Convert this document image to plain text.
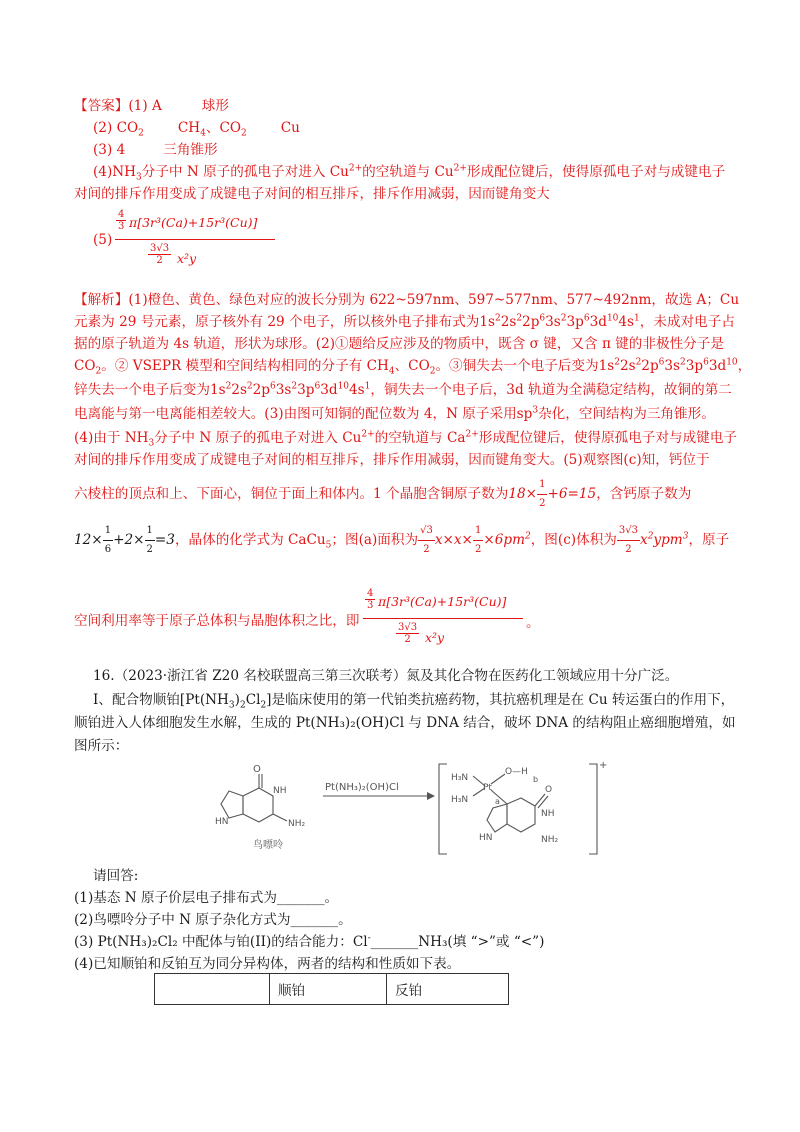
【答案】(1) A	球形
(2) $CO_2$	$CH_4$、$CO_2$	Cu
(3) 4	三角锥形
$(4)NH_3$分子中 N 原子的孤电子对进入 $Cu^{2+}$的空轨道与 $Cu^{2+}$形成配位键后，使得原孤电子对与成键电子
对间的排斥作用变成了成键电子对间的相互排斥，排斥作用减弱，因而键角变大
(5)
$\frac{4}{3} \pi[3r^3(Ca)+15r^3(Cu)]$
$\frac{3√3}{2} x^2y$
【解析】(1)橙色、黄色、绿色对应的波长分别为 622~597nm、597~577nm、577~492nm，故选 A；Cu
元素为 29 号元素，原子核外有 29 个电子，所以核外电子排布式为$1s^22s^22p^63s^23p^63d^{10}4s^1$，未成对电子占
据的原子轨道为 4s 轨道，形状为球形。(2)①题给反应涉及的物质中，既含 σ 键，又含 π 键的非极性分子是
$CO_2$。② VSEPR 模型和空间结构相同的分子有 $CH_4$、$CO_2$。③铜失去一个电子后变为$1s^22s^22p^63s^23p^63d^{10}$，
锌失去一个电子后变为$1s^22s^22p^63s^23p^63d^{10}4s^1$，铜失去一个电子后，3d 轨道为全满稳定结构，故铜的第二
电离能与第一电离能相差较大。(3)由图可知铜的配位数为 4，N 原子采用$sp^3$杂化，空间结构为三角锥形。
(4)由于 $NH_3$分子中 N 原子的孤电子对进入 $Cu^{2+}$的空轨道与 $Ca^{2+}$形成配位键后，使得原孤电子对与成键电子
对间的排斥作用变成了成键电子对间的相互排斥，排斥作用减弱，因而键角变大。(5)观察图(c)知，钙位于
六棱柱的顶点和上、下面心，铜位于面上和体内。1 个晶胞含铜原子数为$18\times \frac{1}{2} +6=15$，含钙原子数为
$12\times \frac{1}{6} +2\times \frac{1}{2} =3$，晶体的化学式为 CaCu$_5$；图(a)面积为 $\frac{√3}{2} x\times x\times \frac{1}{2} \times 6pm^2$，图(c)体积为 $\frac{3√3}{2} x^2ypm^3$，原子
空间利用率等于原子总体积与晶胞体积之比，即
$\frac{4}{3} \pi[3r^3(Ca)+15r^3(Cu)]$
$\frac{3√3}{2} x^2y$
。
16.（2023·浙江省 Z20 名校联盟高三第三次联考）氮及其化合物在医药化工领域应用十分广泛。
Ⅰ、配合物顺铂$[Pt(NH_3)_2Cl_2]$是临床使用的第一代铂类抗癌药物，其抗癌机理是在 Cu 转运蛋白的作用下，
顺铂进入人体细胞发生水解，生成的 Pt(NH₃)₂(OH)Cl 与 DNA 结合，破坏 DNA 的结构阻止癌细胞增殖，如
图所示：
O
NH
HN	NH₂
鸟嘌呤
Pt(NH₃)₂(OH)Cl
H₃N
H₃N
Pt
O—H
b
a
O
NH
HN	NH₂
+
请回答:
(1)基态 N 原子价层电子排布式为_______。
(2)鸟嘌呤分子中 N 原子杂化方式为_______。
(3) Pt(NH₃)₂Cl₂ 中配体与铂(II)的结合能力：Cl-_______NH₃(填 “>”或 “<”)
(4)已知顺铂和反铂互为同分异构体，两者的结构和性质如下表。
	顺铂	反铂
